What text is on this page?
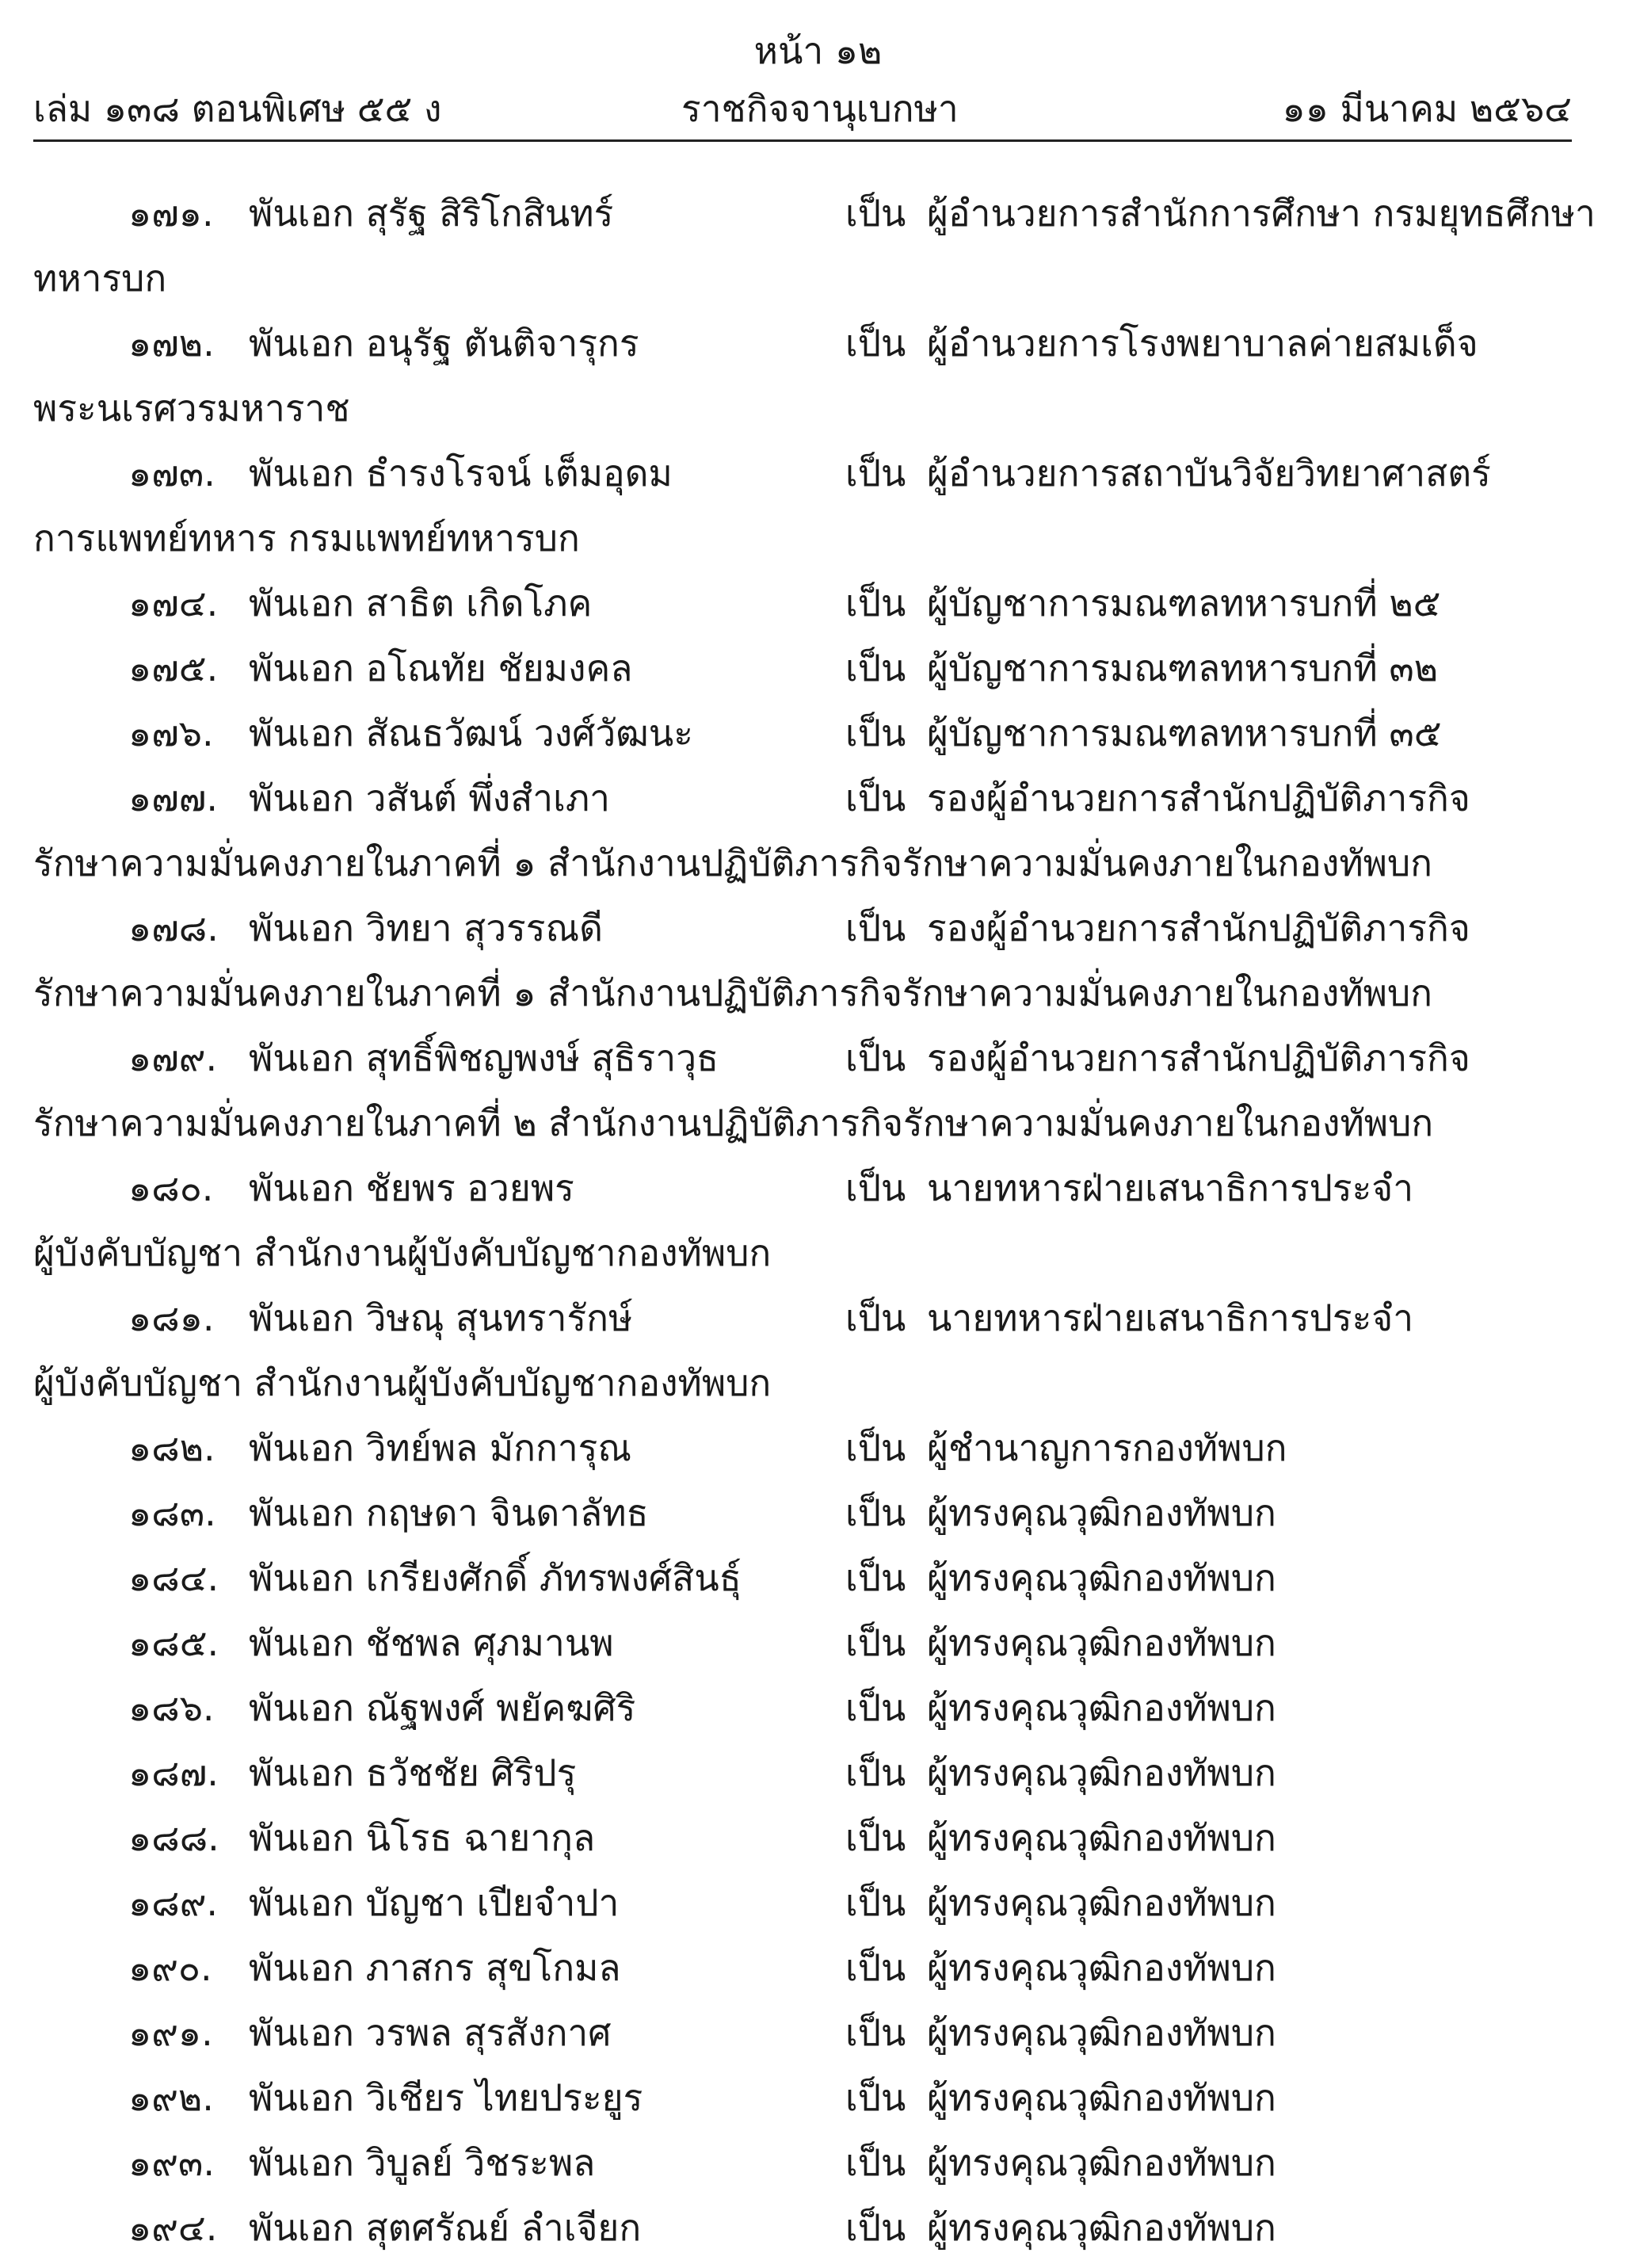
หน้า ๑๒
เล่ม ๑๓๘ ตอนพิเศษ ๕๕ ง	ราชกิจจานุเบกษา	๑๑ มีนาคม ๒๕๖๔
๑๗๑. พันเอก สุรัฐ สิริโกสินทร์	เป็น ผู้อำนวยการสำนักการศึกษา กรมยุทธศึกษา
ทหารบก
๑๗๒. พันเอก อนุรัฐ ตันติจารุกร	เป็น ผู้อำนวยการโรงพยาบาลค่ายสมเด็จ
พระนเรศวรมหาราช
๑๗๓. พันเอก ธำรงโรจน์ เต็มอุดม	เป็น ผู้อำนวยการสถาบันวิจัยวิทยาศาสตร์
การแพทย์ทหาร กรมแพทย์ทหารบก
๑๗๔. พันเอก สาธิต เกิดโภค	เป็น ผู้บัญชาการมณฑลทหารบกที่ ๒๕
๑๗๕. พันเอก อโณทัย ชัยมงคล	เป็น ผู้บัญชาการมณฑลทหารบกที่ ๓๒
๑๗๖. พันเอก สัณธวัฒน์ วงศ์วัฒนะ	เป็น ผู้บัญชาการมณฑลทหารบกที่ ๓๕
๑๗๗. พันเอก วสันต์ พึ่งสำเภา	เป็น รองผู้อำนวยการสำนักปฏิบัติภารกิจ
รักษาความมั่นคงภายในภาคที่ ๑ สำนักงานปฏิบัติภารกิจรักษาความมั่นคงภายในกองทัพบก
๑๗๘. พันเอก วิทยา สุวรรณดี	เป็น รองผู้อำนวยการสำนักปฏิบัติภารกิจ
รักษาความมั่นคงภายในภาคที่ ๑ สำนักงานปฏิบัติภารกิจรักษาความมั่นคงภายในกองทัพบก
๑๗๙. พันเอก สุทธิ์พิชญพงษ์ สุธิราวุธ	เป็น รองผู้อำนวยการสำนักปฏิบัติภารกิจ
รักษาความมั่นคงภายในภาคที่ ๒ สำนักงานปฏิบัติภารกิจรักษาความมั่นคงภายในกองทัพบก
๑๘๐. พันเอก ชัยพร อวยพร	เป็น นายทหารฝ่ายเสนาธิการประจำ
ผู้บังคับบัญชา สำนักงานผู้บังคับบัญชากองทัพบก
๑๘๑. พันเอก วิษณุ สุนทรารักษ์	เป็น นายทหารฝ่ายเสนาธิการประจำ
ผู้บังคับบัญชา สำนักงานผู้บังคับบัญชากองทัพบก
๑๘๒. พันเอก วิทย์พล มักการุณ	เป็น ผู้ชำนาญการกองทัพบก
๑๘๓. พันเอก กฤษดา จินดาลัทธ	เป็น ผู้ทรงคุณวุฒิกองทัพบก
๑๘๔. พันเอก เกรียงศักดิ์ ภัทรพงศ์สินธุ์	เป็น ผู้ทรงคุณวุฒิกองทัพบก
๑๘๕. พันเอก ชัชพล ศุภมานพ	เป็น ผู้ทรงคุณวุฒิกองทัพบก
๑๘๖. พันเอก ณัฐพงศ์ พยัคฆศิริ	เป็น ผู้ทรงคุณวุฒิกองทัพบก
๑๘๗. พันเอก ธวัชชัย ศิริปรุ	เป็น ผู้ทรงคุณวุฒิกองทัพบก
๑๘๘. พันเอก นิโรธ ฉายากุล	เป็น ผู้ทรงคุณวุฒิกองทัพบก
๑๘๙. พันเอก บัญชา เปียจำปา	เป็น ผู้ทรงคุณวุฒิกองทัพบก
๑๙๐. พันเอก ภาสกร สุขโกมล	เป็น ผู้ทรงคุณวุฒิกองทัพบก
๑๙๑. พันเอก วรพล สุรสังกาศ	เป็น ผู้ทรงคุณวุฒิกองทัพบก
๑๙๒. พันเอก วิเชียร ไทยประยูร	เป็น ผู้ทรงคุณวุฒิกองทัพบก
๑๙๓. พันเอก วิบูลย์ วิชระพล	เป็น ผู้ทรงคุณวุฒิกองทัพบก
๑๙๔. พันเอก สุตศรัณย์ ลำเจียก	เป็น ผู้ทรงคุณวุฒิกองทัพบก
